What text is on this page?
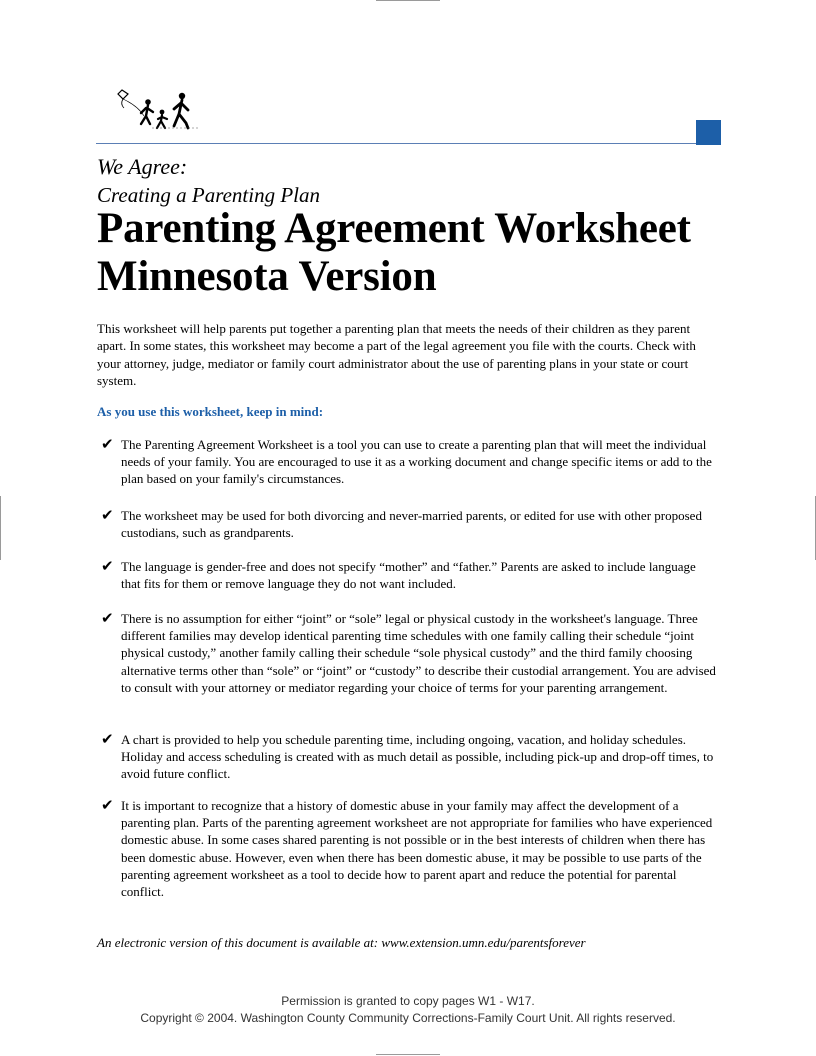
We Agree:
Creating a Parenting Plan
Parenting Agreement Worksheet
Minnesota Version

This worksheet will help parents put together a parenting plan that meets the needs of their children as they parent apart. In some states, this worksheet may become a part of the legal agreement you file with the courts. Check with your attorney, judge, mediator or family court administrator about the use of parenting plans in your state or court system.

As you use this worksheet, keep in mind:

✔ The Parenting Agreement Worksheet is a tool you can use to create a parenting plan that will meet the individual needs of your family. You are encouraged to use it as a working document and change specific items or add to the plan based on your family's circumstances.

✔ The worksheet may be used for both divorcing and never-married parents, or edited for use with other proposed custodians, such as grandparents.

✔ The language is gender-free and does not specify “mother” and “father.” Parents are asked to include language that fits for them or remove language they do not want included.

✔ There is no assumption for either “joint” or “sole” legal or physical custody in the worksheet's language. Three different families may develop identical parenting time schedules with one family calling their schedule “joint physical custody,” another family calling their schedule “sole physical custody” and the third family choosing alternative terms other than “sole” or “joint” or “custody” to describe their custodial arrangement. You are advised to consult with your attorney or mediator regarding your choice of terms for your parenting arrangement.

✔ A chart is provided to help you schedule parenting time, including ongoing, vacation, and holiday schedules. Holiday and access scheduling is created with as much detail as possible, including pick-up and drop-off times, to avoid future conflict.

✔ It is important to recognize that a history of domestic abuse in your family may affect the development of a parenting plan. Parts of the parenting agreement worksheet are not appropriate for families who have experienced domestic abuse. In some cases shared parenting is not possible or in the best interests of children when there has been domestic abuse. However, even when there has been domestic abuse, it may be possible to use parts of the parenting agreement worksheet as a tool to decide how to parent apart and reduce the potential for parental conflict.

An electronic version of this document is available at: www.extension.umn.edu/parentsforever
Permission is granted to copy pages W1 - W17.
Copyright © 2004. Washington County Community Corrections-Family Court Unit. All rights reserved.
